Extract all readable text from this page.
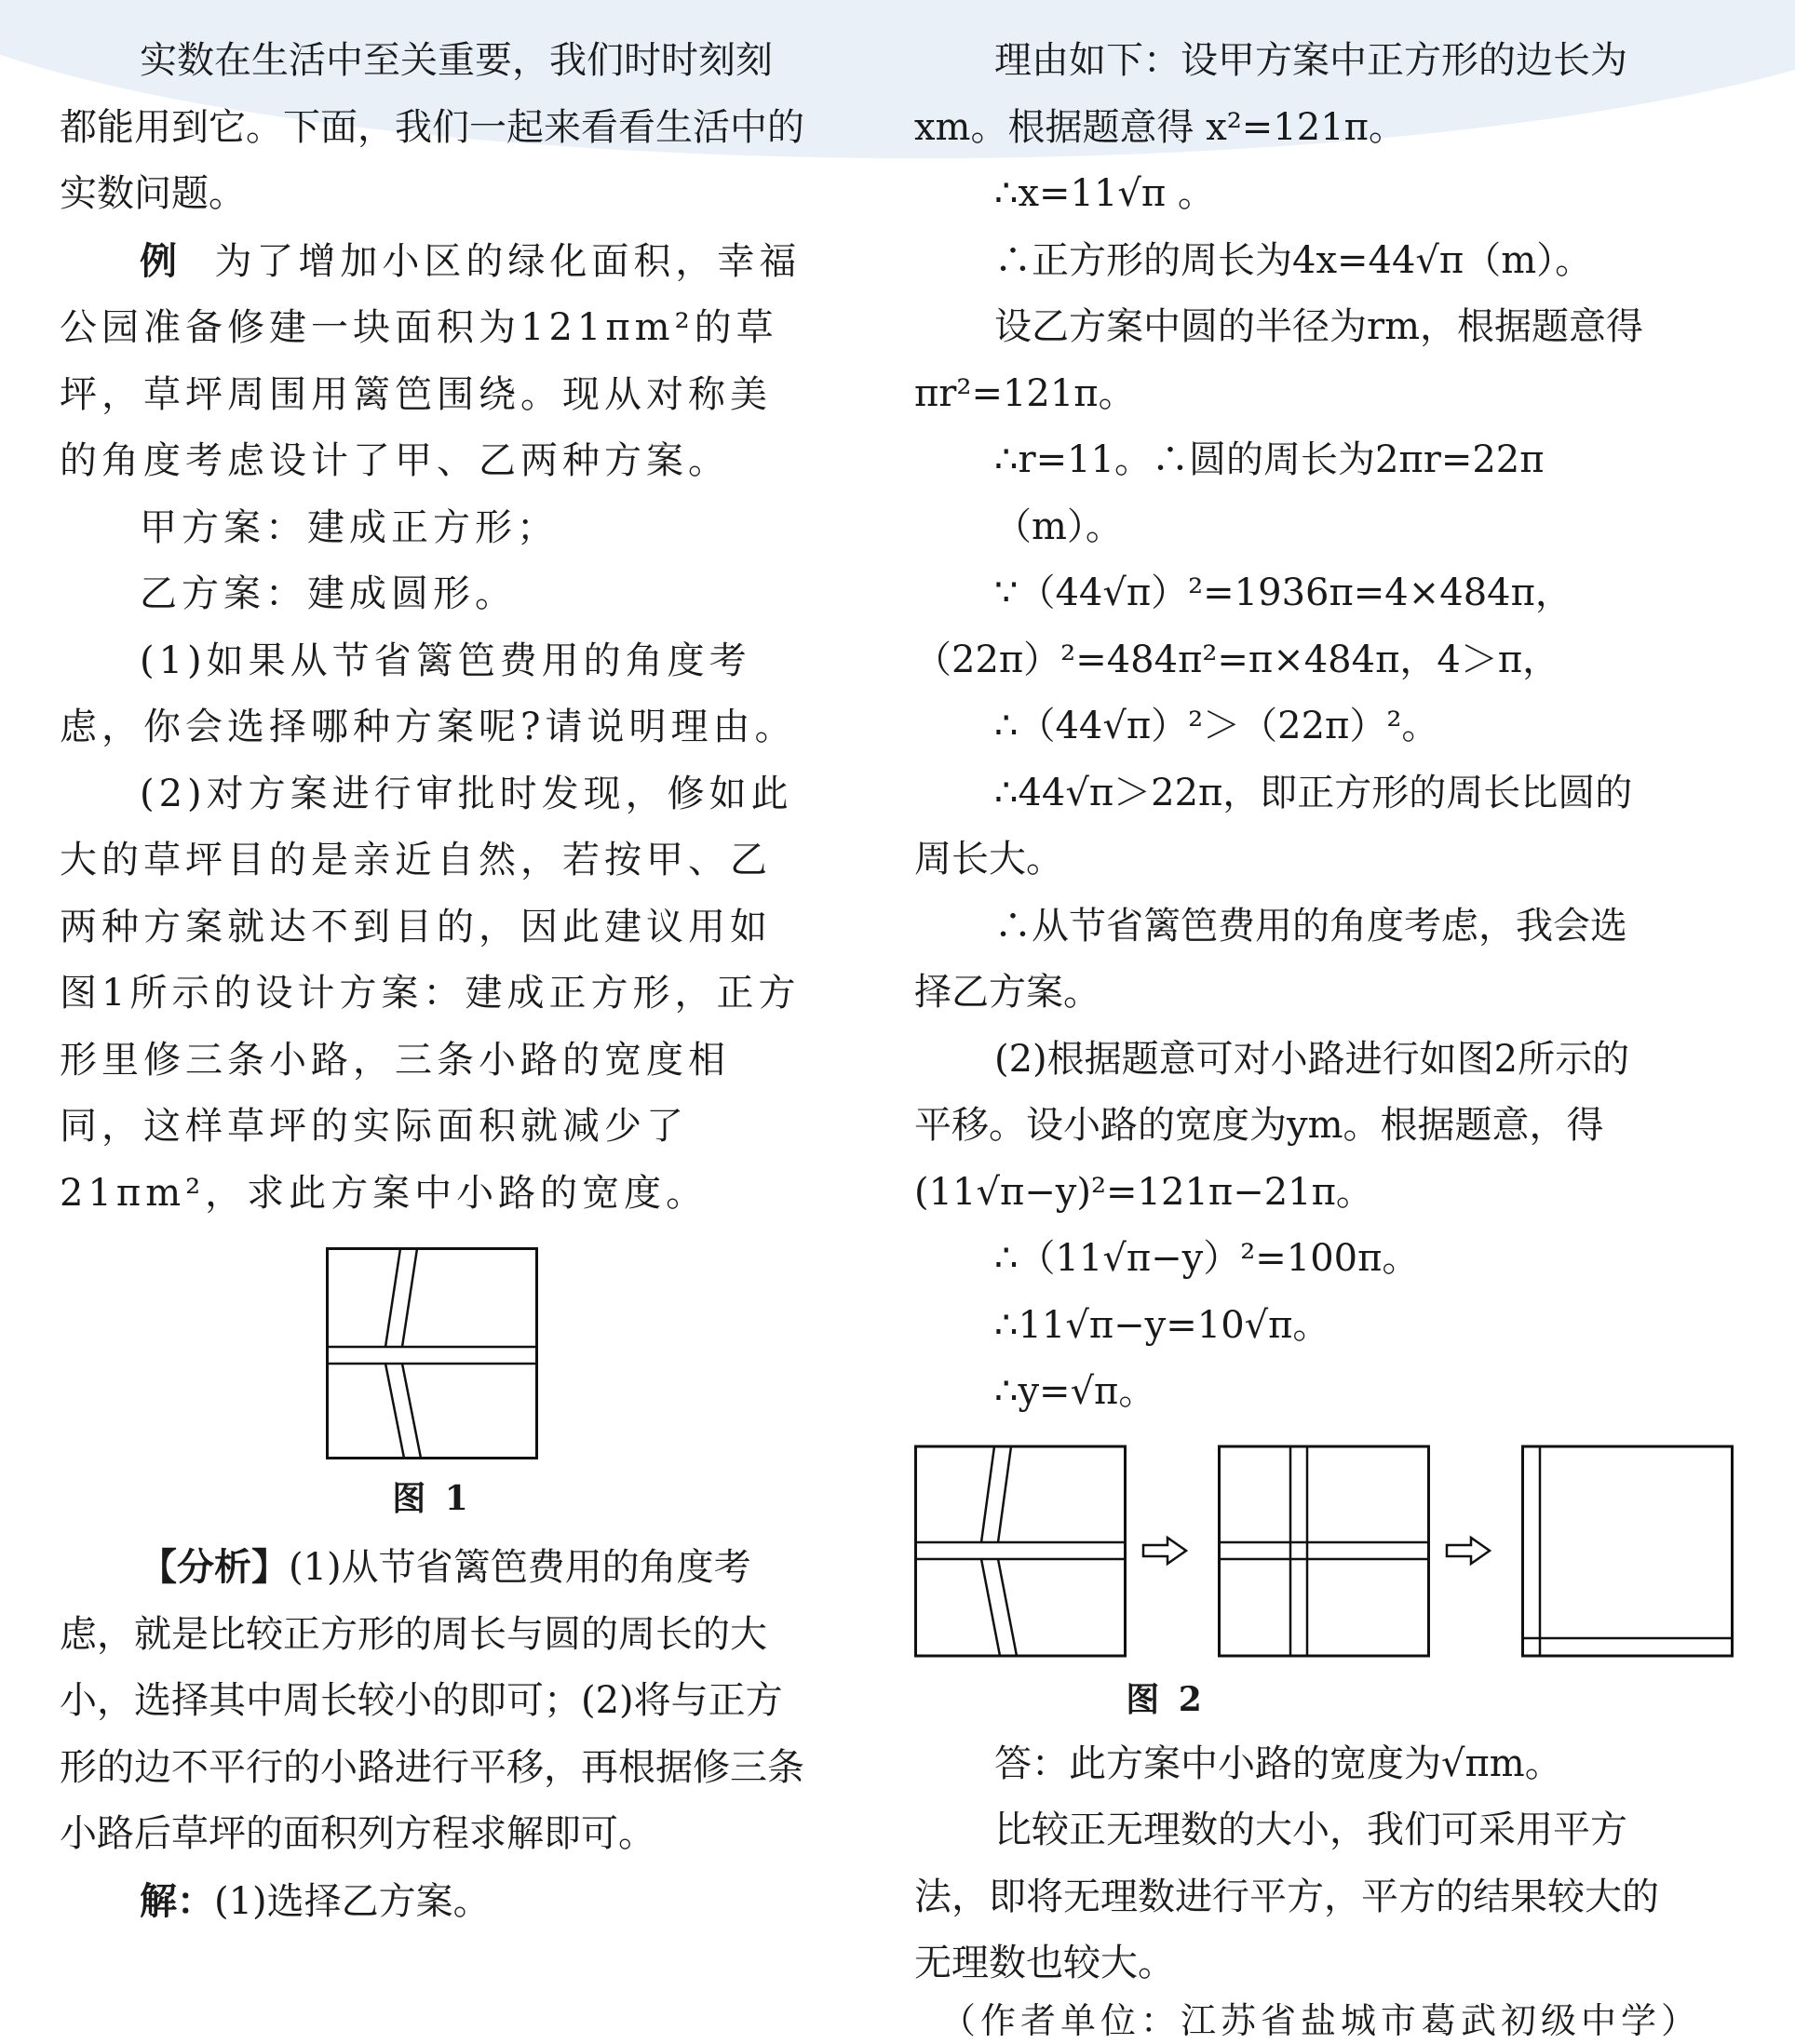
实数在生活中至关重要，我们时时刻刻都能用到它。下面，我们一起来看看生活中的实数问题。

例 为了增加小区的绿化面积，幸福公园准备修建一块面积为121πm²的草坪，草坪周围用篱笆围绕。现从对称美的角度考虑设计了甲、乙两种方案。

甲方案：建成正方形；

乙方案：建成圆形。

(1)如果从节省篱笆费用的角度考虑，你会选择哪种方案呢?请说明理由。

(2)对方案进行审批时发现，修如此大的草坪目的是亲近自然，若按甲、乙两种方案就达不到目的，因此建议用如图1所示的设计方案：建成正方形，正方形里修三条小路，三条小路的宽度相同，这样草坪的实际面积就减少了21πm²，求此方案中小路的宽度。

图 1

【分析】(1)从节省篱笆费用的角度考虑，就是比较正方形的周长与圆的周长的大小，选择其中周长较小的即可；(2)将与正方形的边不平行的小路进行平移，再根据修三条小路后草坪的面积列方程求解即可。

解：(1)选择乙方案。

理由如下：设甲方案中正方形的边长为xm。根据题意得 x²=121π。

∴x=11√π 。

∴正方形的周长为4x=44√π（m）。

设乙方案中圆的半径为rm，根据题意得 πr²=121π。

∴r=11。∴圆的周长为2πr=22π（m）。

∵（44√π）²=1936π=4×484π，（22π）²=484π²=π×484π，4＞π，

∴（44√π）²＞（22π）²。

∴44√π＞22π，即正方形的周长比圆的周长大。

∴从节省篱笆费用的角度考虑，我会选择乙方案。

(2)根据题意可对小路进行如图2所示的平移。设小路的宽度为ym。根据题意，得(11√π−y)²=121π−21π。

∴（11√π−y）²=100π。

∴11√π−y=10√π。

∴y=√π。

图 2

答：此方案中小路的宽度为√πm。

比较正无理数的大小，我们可采用平方法，即将无理数进行平方，平方的结果较大的无理数也较大。

（作者单位：江苏省盐城市葛武初级中学）
